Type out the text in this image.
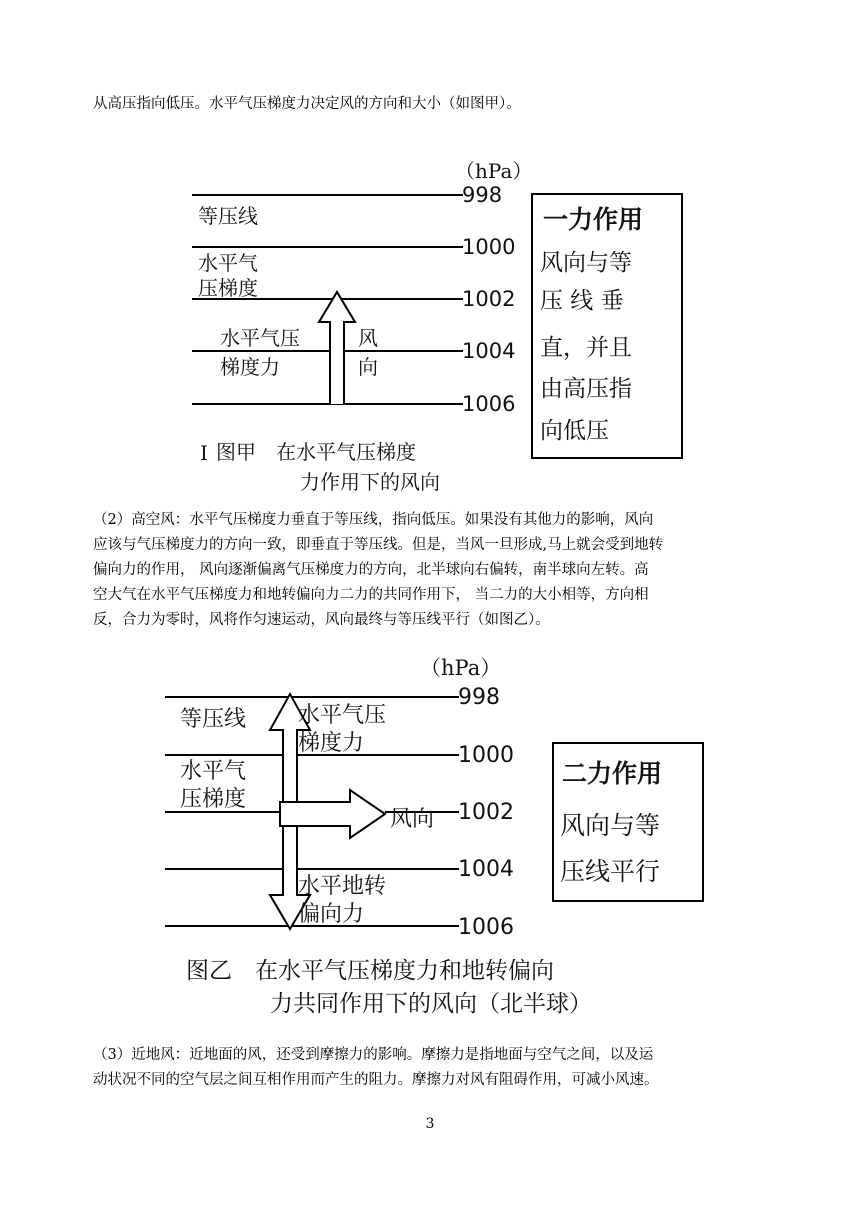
从高压指向低压。水平气压梯度力决定风的方向和大小（如图甲）。

（hPa）
998
1000
1002
1004
1006
等压线
水平气
压梯度
水平气压
梯度力
风
向
I 图甲　在水平气压梯度
力作用下的风向
一力作用
风向与等
压 线 垂
直，并且
由高压指
向低压

（2）高空风：水平气压梯度力垂直于等压线，指向低压。如果没有其他力的影响，风向

应该与气压梯度力的方向一致，即垂直于等压线。但是，当风一旦形成,马上就会受到地转

偏向力的作用， 风向逐渐偏离气压梯度力的方向，北半球向右偏转，南半球向左转。高

空大气在水平气压梯度力和地转偏向力二力的共同作用下， 当二力的大小相等，方向相

反，合力为零时，风将作匀速运动，风向最终与等压线平行（如图乙）。

（hPa）
998
1000
1002
1004
1006
等压线
水平气
压梯度
水平气压
梯度力
风向
水平地转
偏向力
图乙　在水平气压梯度力和地转偏向
力共同作用下的风向（北半球）
二力作用
风向与等
压线平行

（3）近地风：近地面的风，还受到摩擦力的影响。摩擦力是指地面与空气之间，以及运

动状况不同的空气层之间互相作用而产生的阻力。摩擦力对风有阻碍作用，可减小风速。

3
